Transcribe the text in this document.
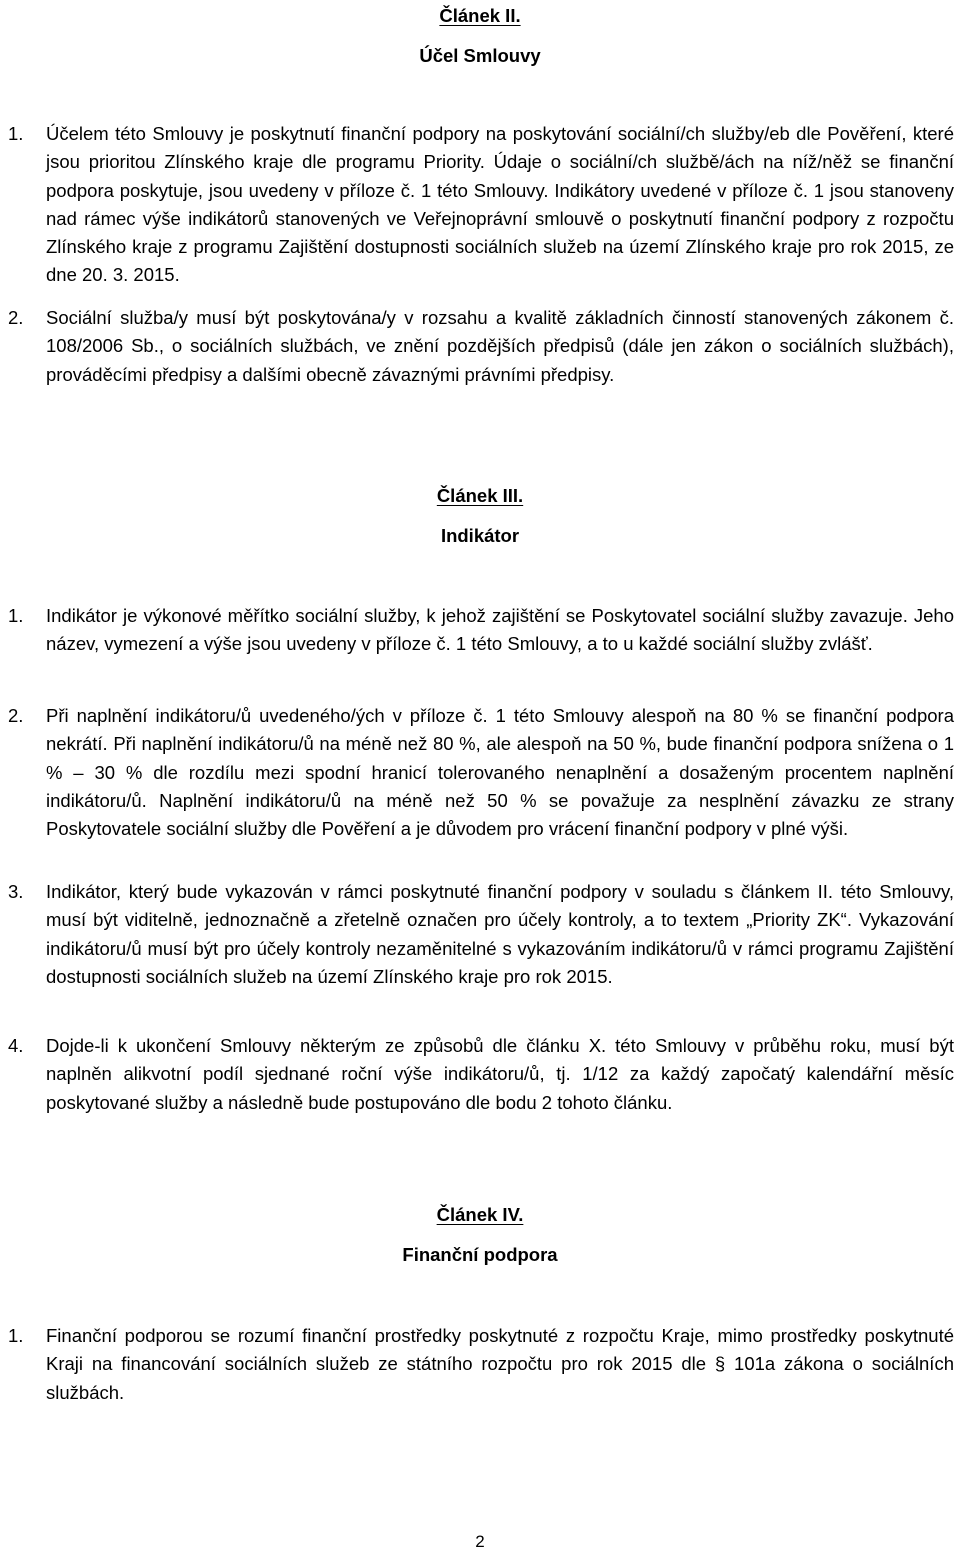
Článek II.
Účel Smlouvy
1.	Účelem této Smlouvy je poskytnutí finanční podpory na poskytování sociální/ch služby/eb dle Pověření, které jsou prioritou Zlínského kraje dle programu Priority. Údaje o sociální/ch službě/ách na níž/něž se finanční podpora poskytuje, jsou uvedeny v příloze č. 1 této Smlouvy. Indikátory uvedené v příloze č. 1 jsou stanoveny nad rámec výše indikátorů stanovených ve Veřejnoprávní smlouvě o poskytnutí finanční podpory z rozpočtu Zlínského kraje z programu Zajištění dostupnosti sociálních služeb na území Zlínského kraje pro rok 2015, ze dne 20. 3. 2015.
2.	Sociální služba/y musí být poskytována/y v rozsahu a kvalitě základních činností stanovených zákonem č. 108/2006 Sb., o sociálních službách, ve znění pozdějších předpisů (dále jen zákon o sociálních službách), prováděcími předpisy a dalšími obecně závaznými právními předpisy.
Článek III.
Indikátor
1.	Indikátor je výkonové měřítko sociální služby, k jehož zajištění se Poskytovatel sociální služby zavazuje. Jeho název, vymezení a výše jsou uvedeny v příloze č. 1 této Smlouvy, a to u každé sociální služby zvlášť.
2.	Při naplnění indikátoru/ů uvedeného/ých v příloze č. 1 této Smlouvy alespoň na 80 % se finanční podpora nekrátí. Při naplnění indikátoru/ů na méně než 80 %, ale alespoň na 50 %, bude finanční podpora snížena o 1 % – 30 % dle rozdílu mezi spodní hranicí tolerovaného nenaplnění a dosaženým procentem naplnění indikátoru/ů. Naplnění indikátoru/ů na méně než 50 % se považuje za nesplnění závazku ze strany Poskytovatele sociální služby dle Pověření a je důvodem pro vrácení finanční podpory v plné výši.
3.	Indikátor, který bude vykazován v rámci poskytnuté finanční podpory v souladu s článkem II. této Smlouvy, musí být viditelně, jednoznačně a zřetelně označen pro účely kontroly, a to textem „Priority ZK“. Vykazování indikátoru/ů musí být pro účely kontroly nezaměnitelné s vykazováním indikátoru/ů v rámci programu Zajištění dostupnosti sociálních služeb na území Zlínského kraje pro rok 2015.
4.	Dojde-li k ukončení Smlouvy některým ze způsobů dle článku X. této Smlouvy v průběhu roku, musí být naplněn alikvotní podíl sjednané roční výše indikátoru/ů, tj. 1/12 za každý započatý kalendářní měsíc poskytované služby a následně bude postupováno dle bodu 2 tohoto článku.
Článek IV.
Finanční podpora
1.	Finanční podporou se rozumí finanční prostředky poskytnuté z rozpočtu Kraje, mimo prostředky poskytnuté Kraji na financování sociálních služeb ze státního rozpočtu pro rok 2015 dle § 101a zákona o sociálních službách.
2
